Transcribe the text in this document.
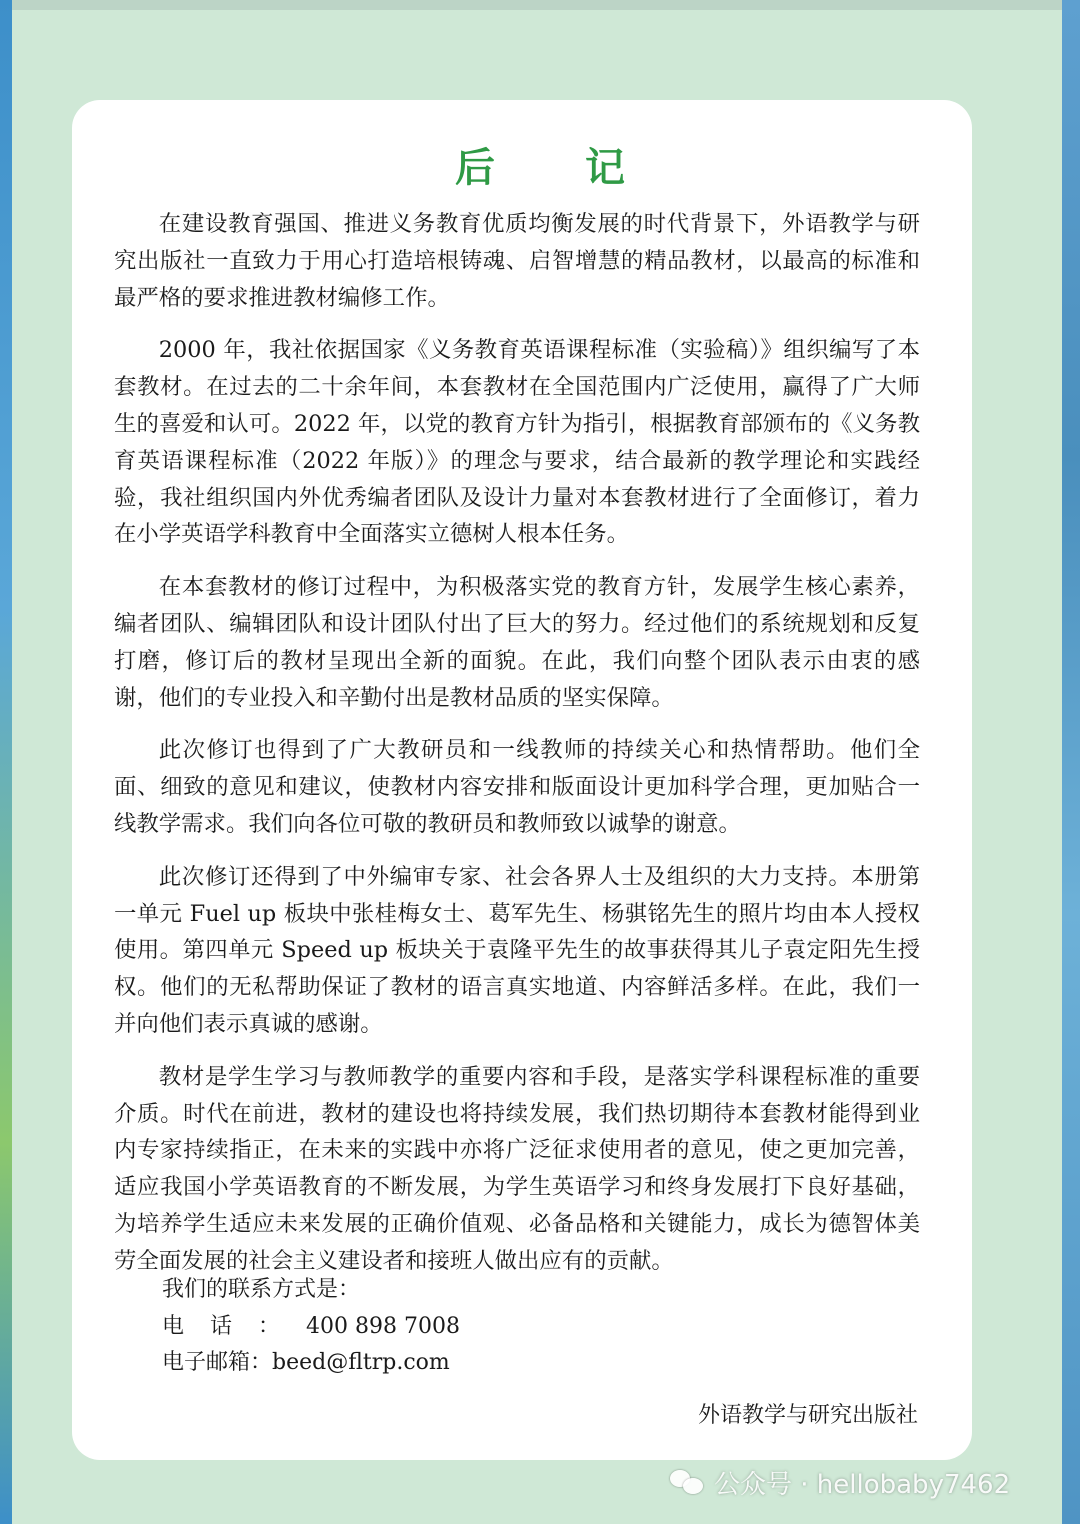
后 记

在建设教育强国、推进义务教育优质均衡发展的时代背景下，外语教学与研究出版社一直致力于用心打造培根铸魂、启智增慧的精品教材，以最高的标准和最严格的要求推进教材编修工作。

2000 年，我社依据国家《义务教育英语课程标准（实验稿）》组织编写了本套教材。在过去的二十余年间，本套教材在全国范围内广泛使用，赢得了广大师生的喜爱和认可。2022 年，以党的教育方针为指引，根据教育部颁布的《义务教育英语课程标准（2022 年版）》的理念与要求，结合最新的教学理论和实践经验，我社组织国内外优秀编者团队及设计力量对本套教材进行了全面修订，着力在小学英语学科教育中全面落实立德树人根本任务。

在本套教材的修订过程中，为积极落实党的教育方针，发展学生核心素养，编者团队、编辑团队和设计团队付出了巨大的努力。经过他们的系统规划和反复打磨，修订后的教材呈现出全新的面貌。在此，我们向整个团队表示由衷的感谢，他们的专业投入和辛勤付出是教材品质的坚实保障。

此次修订也得到了广大教研员和一线教师的持续关心和热情帮助。他们全面、细致的意见和建议，使教材内容安排和版面设计更加科学合理，更加贴合一线教学需求。我们向各位可敬的教研员和教师致以诚挚的谢意。

此次修订还得到了中外编审专家、社会各界人士及组织的大力支持。本册第一单元 Fuel up 板块中张桂梅女士、葛军先生、杨骐铭先生的照片均由本人授权使用。第四单元 Speed up 板块关于袁隆平先生的故事获得其儿子袁定阳先生授权。他们的无私帮助保证了教材的语言真实地道、内容鲜活多样。在此，我们一并向他们表示真诚的感谢。

教材是学生学习与教师教学的重要内容和手段，是落实学科课程标准的重要介质。时代在前进，教材的建设也将持续发展，我们热切期待本套教材能得到业内专家持续指正，在未来的实践中亦将广泛征求使用者的意见，使之更加完善，适应我国小学英语教育的不断发展，为学生英语学习和终身发展打下良好基础，为培养学生适应未来发展的正确价值观、必备品格和关键能力，成长为德智体美劳全面发展的社会主义建设者和接班人做出应有的贡献。

我们的联系方式是：
电话：400 898 7008
电子邮箱：beed@fltrp.com
外语教学与研究出版社
公众号 · hellobaby7462
